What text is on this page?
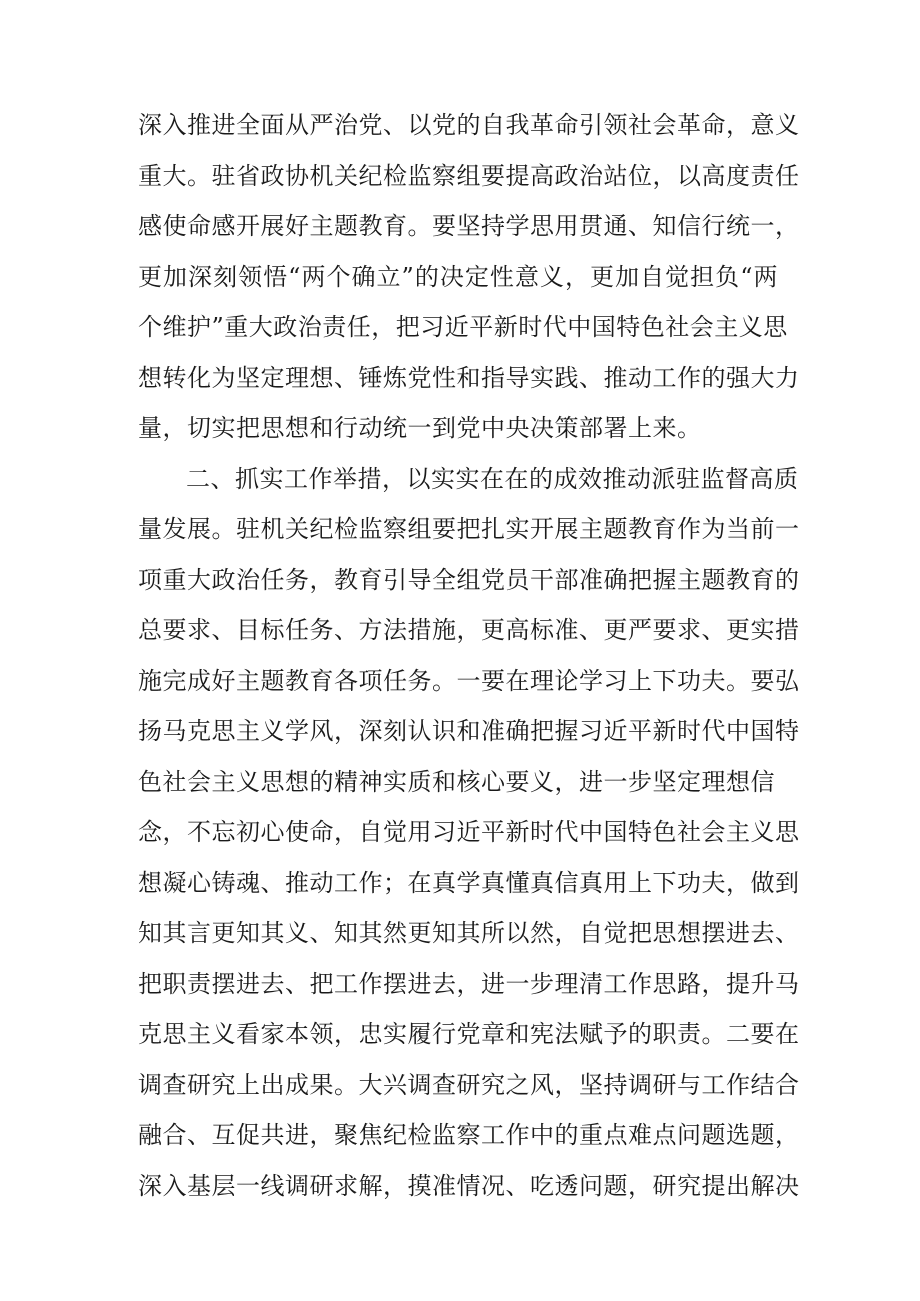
深入推进全面从严治党、以党的自我革命引领社会革命，意义
重大。驻省政协机关纪检监察组要提高政治站位，以高度责任
感使命感开展好主题教育。要坚持学思用贯通、知信行统一，
更加深刻领悟“两个确立”的决定性意义，更加自觉担负“两
个维护”重大政治责任，把习近平新时代中国特色社会主义思
想转化为坚定理想、锤炼党性和指导实践、推动工作的强大力
量，切实把思想和行动统一到党中央决策部署上来。
二、抓实工作举措，以实实在在的成效推动派驻监督高质
量发展。驻机关纪检监察组要把扎实开展主题教育作为当前一
项重大政治任务，教育引导全组党员干部准确把握主题教育的
总要求、目标任务、方法措施，更高标准、更严要求、更实措
施完成好主题教育各项任务。一要在理论学习上下功夫。要弘
扬马克思主义学风，深刻认识和准确把握习近平新时代中国特
色社会主义思想的精神实质和核心要义，进一步坚定理想信
念，不忘初心使命，自觉用习近平新时代中国特色社会主义思
想凝心铸魂、推动工作；在真学真懂真信真用上下功夫，做到
知其言更知其义、知其然更知其所以然，自觉把思想摆进去、
把职责摆进去、把工作摆进去，进一步理清工作思路，提升马
克思主义看家本领，忠实履行党章和宪法赋予的职责。二要在
调查研究上出成果。大兴调查研究之风，坚持调研与工作结合
融合、互促共进，聚焦纪检监察工作中的重点难点问题选题，
深入基层一线调研求解，摸准情况、吃透问题，研究提出解决
